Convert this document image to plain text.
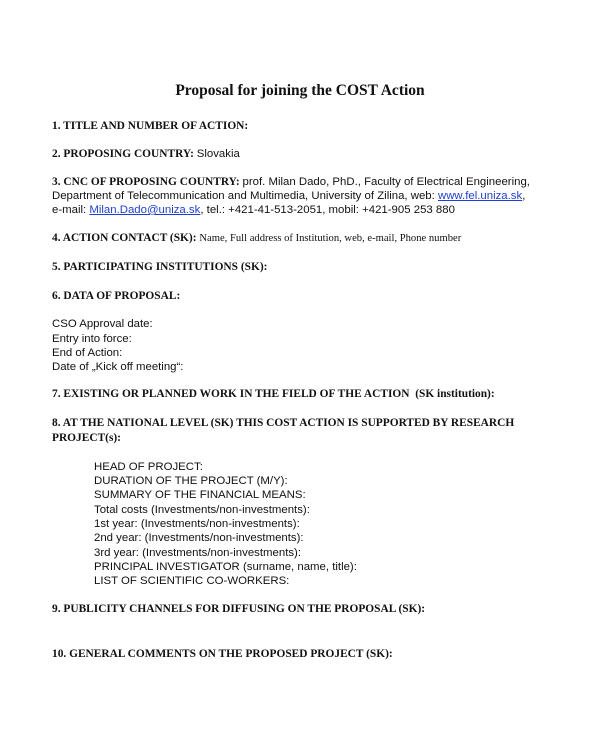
Proposal for joining the COST Action
1. TITLE AND NUMBER OF ACTION:
2. PROPOSING COUNTRY: Slovakia
3. CNC OF PROPOSING COUNTRY: prof. Milan Dado, PhD., Faculty of Electrical Engineering,
Department of Telecommunication and Multimedia, University of Zilina, web: www.fel.uniza.sk,
e-mail: Milan.Dado@uniza.sk, tel.: +421-41-513-2051, mobil: +421-905 253 880
4. ACTION CONTACT (SK): Name, Full address of Institution, web, e-mail, Phone number
5. PARTICIPATING INSTITUTIONS (SK):
6. DATA OF PROPOSAL:
CSO Approval date:
Entry into force:
End of Action:
Date of „Kick off meeting“:
7. EXISTING OR PLANNED WORK IN THE FIELD OF THE ACTION (SK institution):
8. AT THE NATIONAL LEVEL (SK) THIS COST ACTION IS SUPPORTED BY RESEARCH
PROJECT(s):
HEAD OF PROJECT:
DURATION OF THE PROJECT (M/Y):
SUMMARY OF THE FINANCIAL MEANS:
Total costs (Investments/non-investments):
1st year: (Investments/non-investments):
2nd year: (Investments/non-investments):
3rd year: (Investments/non-investments):
PRINCIPAL INVESTIGATOR (surname, name, title):
LIST OF SCIENTIFIC CO-WORKERS:
9. PUBLICITY CHANNELS FOR DIFFUSING ON THE PROPOSAL (SK):
10. GENERAL COMMENTS ON THE PROPOSED PROJECT (SK):
